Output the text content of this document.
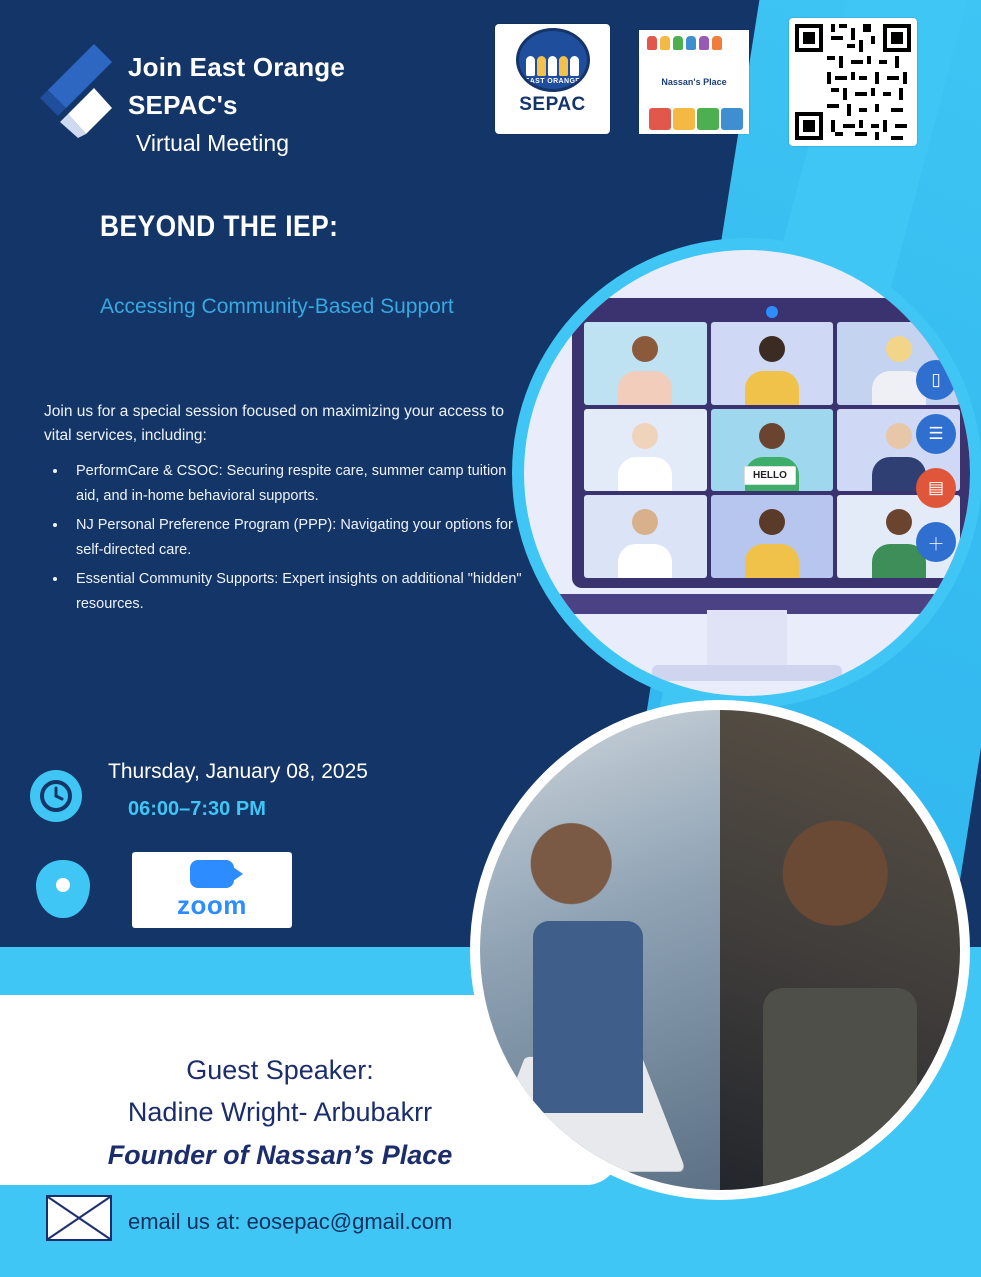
Join East Orange
SEPAC's
Virtual Meeting
EAST ORANGE
SEPAC
Nassan's Place
BEYOND THE IEP:
Accessing Community-Based Support
Join us for a special session focused on maximizing your access to vital services, including:

• PerformCare & CSOC: Securing respite care, summer camp tuition aid, and in-home behavioral supports.

• NJ Personal Preference Program (PPP): Navigating your options for self-directed care.

• Essential Community Supports: Expert insights on additional "hidden" resources.

Thursday, January 08, 2025
06:00–7:30 PM
zoom
HELLO
▯
☰
▤
＋
Guest Speaker:
Nadine Wright- Arbubakrr
Founder of Nassan’s Place
email us at: eosepac@gmail.com
